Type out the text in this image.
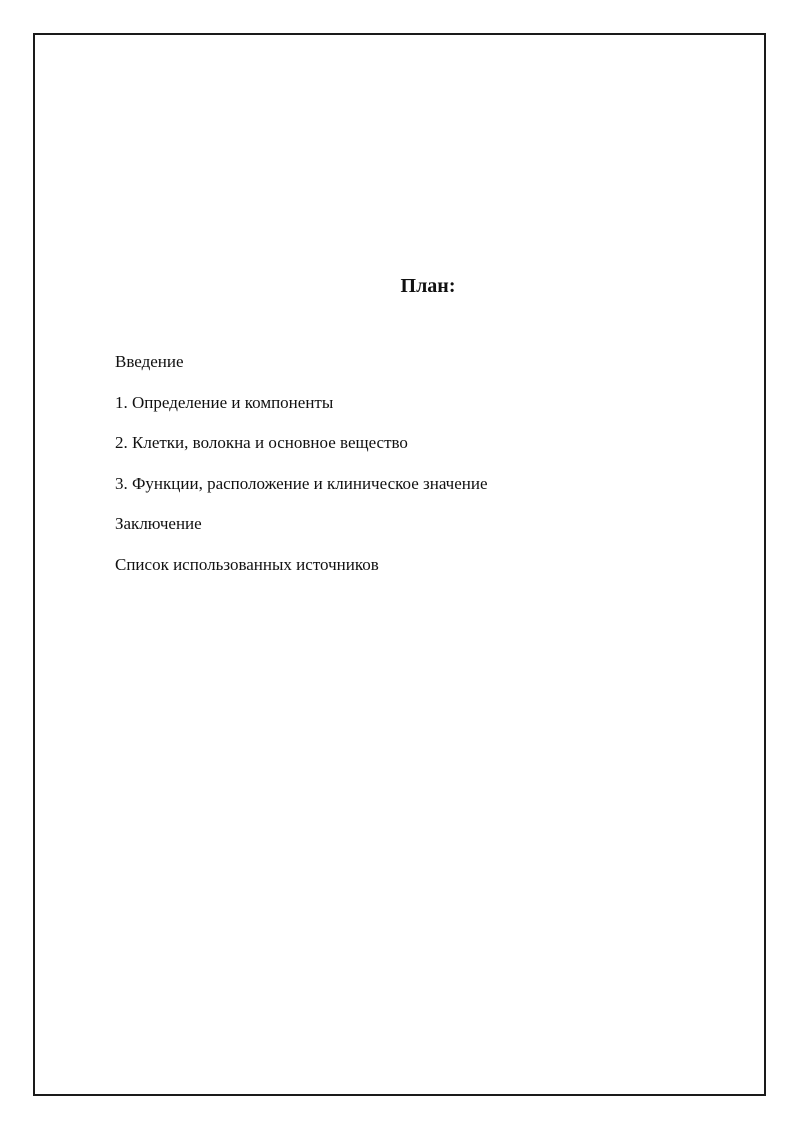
План:
Введение
1. Определение и компоненты
2. Клетки, волокна и основное вещество
3. Функции, расположение и клиническое значение
Заключение
Список использованных источников
